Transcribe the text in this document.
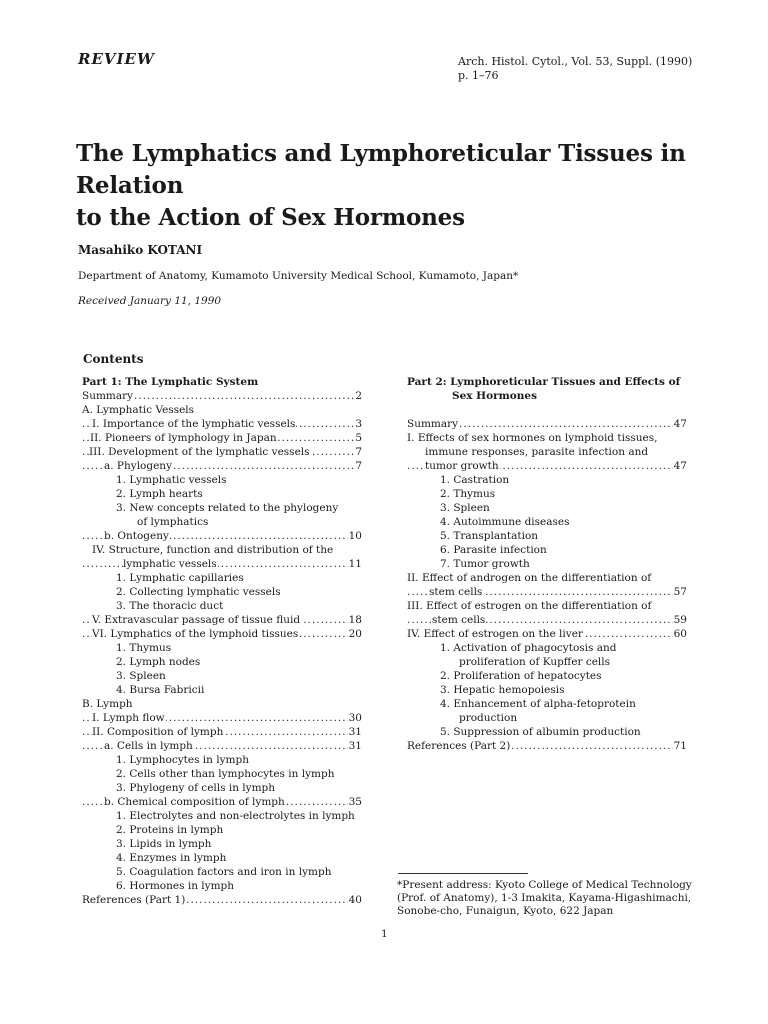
REVIEW	Arch. Histol. Cytol., Vol. 53, Suppl. (1990)
p. 1–76
The Lymphatics and Lymphoreticular Tissues in Relation
to the Action of Sex Hormones
Masahiko KOTANI
Department of Anatomy, Kumamoto University Medical School, Kumamoto, Japan*
Received January 11, 1990
Contents
Part 1: The Lymphatic System
Summary	2
.....
A. Lymphatic Vessels
I. Importance of the lymphatic vessels	3
.....
II. Pioneers of lymphology in Japan	5
.....
III. Development of the lymphatic vessels	7
.....
a. Phylogeny	7
.....
1. Lymphatic vessels
2. Lymph hearts
3. New concepts related to the phylogeny
of lymphatics
b. Ontogeny	10
.....
IV. Structure, function and distribution of the
lymphatic vessels	11
.....
1. Lymphatic capillaries
2. Collecting lymphatic vessels
3. The thoracic duct
V. Extravascular passage of tissue fluid	18
.....
VI. Lymphatics of the lymphoid tissues	20
.....
1. Thymus
2. Lymph nodes
3. Spleen
4. Bursa Fabricii
B. Lymph
I. Lymph flow	30
.....
II. Composition of lymph	31
.....
a. Cells in lymph	31
.....
1. Lymphocytes in lymph
2. Cells other than lymphocytes in lymph
3. Phylogeny of cells in lymph
b. Chemical composition of lymph	35
.....
1. Electrolytes and non-electrolytes in lymph
2. Proteins in lymph
3. Lipids in lymph
4. Enzymes in lymph
5. Coagulation factors and iron in lymph
6. Hormones in lymph
References (Part 1)	40
.....
Part 2: Lymphoreticular Tissues and Effects of
Sex Hormones
Summary	47
.....
I. Effects of sex hormones on lymphoid tissues,
immune responses, parasite infection and
tumor growth	47
.....
1. Castration
2. Thymus
3. Spleen
4. Autoimmune diseases
5. Transplantation
6. Parasite infection
7. Tumor growth
II. Effect of androgen on the differentiation of
stem cells	57
.....
III. Effect of estrogen on the differentiation of
stem cells	59
.....
IV. Effect of estrogen on the liver	60
.....
1. Activation of phagocytosis and
proliferation of Kupffer cells
2. Proliferation of hepatocytes
3. Hepatic hemopoiesis
4. Enhancement of alpha-fetoprotein
production
5. Suppression of albumin production
References (Part 2)	71
.....
*Present address: Kyoto College of Medical Technology
(Prof. of Anatomy), 1-3 Imakita, Kayama-Higashimachi,
Sonobe-cho, Funaigun, Kyoto, 622 Japan
1
